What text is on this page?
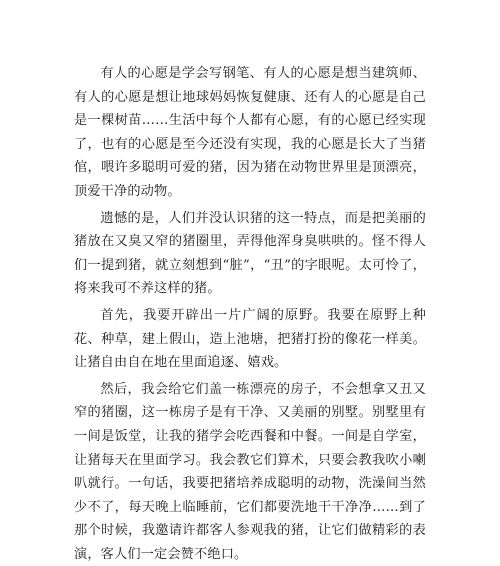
有人的心愿是学会写钢笔、有人的心愿是想当建筑师、有人的心愿是想让地球妈妈恢复健康、还有人的心愿是自己是一棵树苗……生活中每个人都有心愿，有的心愿已经实现了，也有的心愿是至今还没有实现，我的心愿是长大了当猪倌，喂许多聪明可爱的猪，因为猪在动物世界里是顶漂亮，顶爱干净的动物。

遗憾的是，人们并没认识猪的这一特点，而是把美丽的猪放在又臭又窄的猪圈里，弄得他浑身臭哄哄的。怪不得人们一提到猪，就立刻想到“脏”，“丑”的字眼呢。太可怜了，将来我可不养这样的猪。

首先，我要开辟出一片广阔的原野。我要在原野上种花、种草，建上假山，造上池塘，把猪打扮的像花一样美。让猪自由自在地在里面追逐、嬉戏。

然后，我会给它们盖一栋漂亮的房子，不会想拿又丑又窄的猪圈，这一栋房子是有干净、又美丽的别墅。别墅里有一间是饭堂，让我的猪学会吃西餐和中餐。一间是自学室，让猪每天在里面学习。我会教它们算术，只要会教我吹小喇叭就行。一句话，我要把猪培养成聪明的动物，洗澡间当然少不了，每天晚上临睡前，它们都要洗地干干净净……到了那个时候，我邀请许都客人参观我的猪，让它们做精彩的表演，客人们一定会赞不绝口。
